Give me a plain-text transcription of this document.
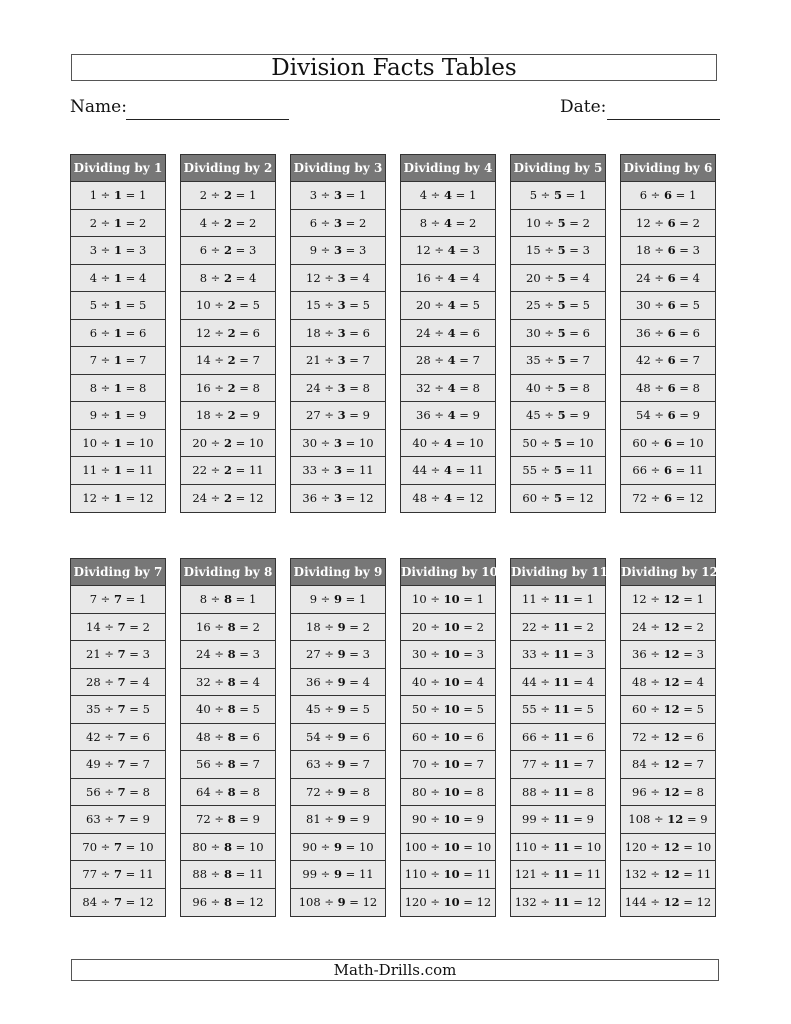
Division Facts Tables
Name:	Date:
Dividing by 1
1 ÷ 1 = 1
2 ÷ 1 = 2
3 ÷ 1 = 3
4 ÷ 1 = 4
5 ÷ 1 = 5
6 ÷ 1 = 6
7 ÷ 1 = 7
8 ÷ 1 = 8
9 ÷ 1 = 9
10 ÷ 1 = 10
11 ÷ 1 = 11
12 ÷ 1 = 12
Dividing by 2
2 ÷ 2 = 1
4 ÷ 2 = 2
6 ÷ 2 = 3
8 ÷ 2 = 4
10 ÷ 2 = 5
12 ÷ 2 = 6
14 ÷ 2 = 7
16 ÷ 2 = 8
18 ÷ 2 = 9
20 ÷ 2 = 10
22 ÷ 2 = 11
24 ÷ 2 = 12
Dividing by 3
3 ÷ 3 = 1
6 ÷ 3 = 2
9 ÷ 3 = 3
12 ÷ 3 = 4
15 ÷ 3 = 5
18 ÷ 3 = 6
21 ÷ 3 = 7
24 ÷ 3 = 8
27 ÷ 3 = 9
30 ÷ 3 = 10
33 ÷ 3 = 11
36 ÷ 3 = 12
Dividing by 4
4 ÷ 4 = 1
8 ÷ 4 = 2
12 ÷ 4 = 3
16 ÷ 4 = 4
20 ÷ 4 = 5
24 ÷ 4 = 6
28 ÷ 4 = 7
32 ÷ 4 = 8
36 ÷ 4 = 9
40 ÷ 4 = 10
44 ÷ 4 = 11
48 ÷ 4 = 12
Dividing by 5
5 ÷ 5 = 1
10 ÷ 5 = 2
15 ÷ 5 = 3
20 ÷ 5 = 4
25 ÷ 5 = 5
30 ÷ 5 = 6
35 ÷ 5 = 7
40 ÷ 5 = 8
45 ÷ 5 = 9
50 ÷ 5 = 10
55 ÷ 5 = 11
60 ÷ 5 = 12
Dividing by 6
6 ÷ 6 = 1
12 ÷ 6 = 2
18 ÷ 6 = 3
24 ÷ 6 = 4
30 ÷ 6 = 5
36 ÷ 6 = 6
42 ÷ 6 = 7
48 ÷ 6 = 8
54 ÷ 6 = 9
60 ÷ 6 = 10
66 ÷ 6 = 11
72 ÷ 6 = 12
Dividing by 7
7 ÷ 7 = 1
14 ÷ 7 = 2
21 ÷ 7 = 3
28 ÷ 7 = 4
35 ÷ 7 = 5
42 ÷ 7 = 6
49 ÷ 7 = 7
56 ÷ 7 = 8
63 ÷ 7 = 9
70 ÷ 7 = 10
77 ÷ 7 = 11
84 ÷ 7 = 12
Dividing by 8
8 ÷ 8 = 1
16 ÷ 8 = 2
24 ÷ 8 = 3
32 ÷ 8 = 4
40 ÷ 8 = 5
48 ÷ 8 = 6
56 ÷ 8 = 7
64 ÷ 8 = 8
72 ÷ 8 = 9
80 ÷ 8 = 10
88 ÷ 8 = 11
96 ÷ 8 = 12
Dividing by 9
9 ÷ 9 = 1
18 ÷ 9 = 2
27 ÷ 9 = 3
36 ÷ 9 = 4
45 ÷ 9 = 5
54 ÷ 9 = 6
63 ÷ 9 = 7
72 ÷ 9 = 8
81 ÷ 9 = 9
90 ÷ 9 = 10
99 ÷ 9 = 11
108 ÷ 9 = 12
Dividing by 10
10 ÷ 10 = 1
20 ÷ 10 = 2
30 ÷ 10 = 3
40 ÷ 10 = 4
50 ÷ 10 = 5
60 ÷ 10 = 6
70 ÷ 10 = 7
80 ÷ 10 = 8
90 ÷ 10 = 9
100 ÷ 10 = 10
110 ÷ 10 = 11
120 ÷ 10 = 12
Dividing by 11
11 ÷ 11 = 1
22 ÷ 11 = 2
33 ÷ 11 = 3
44 ÷ 11 = 4
55 ÷ 11 = 5
66 ÷ 11 = 6
77 ÷ 11 = 7
88 ÷ 11 = 8
99 ÷ 11 = 9
110 ÷ 11 = 10
121 ÷ 11 = 11
132 ÷ 11 = 12
Dividing by 12
12 ÷ 12 = 1
24 ÷ 12 = 2
36 ÷ 12 = 3
48 ÷ 12 = 4
60 ÷ 12 = 5
72 ÷ 12 = 6
84 ÷ 12 = 7
96 ÷ 12 = 8
108 ÷ 12 = 9
120 ÷ 12 = 10
132 ÷ 12 = 11
144 ÷ 12 = 12
Math-Drills.com
